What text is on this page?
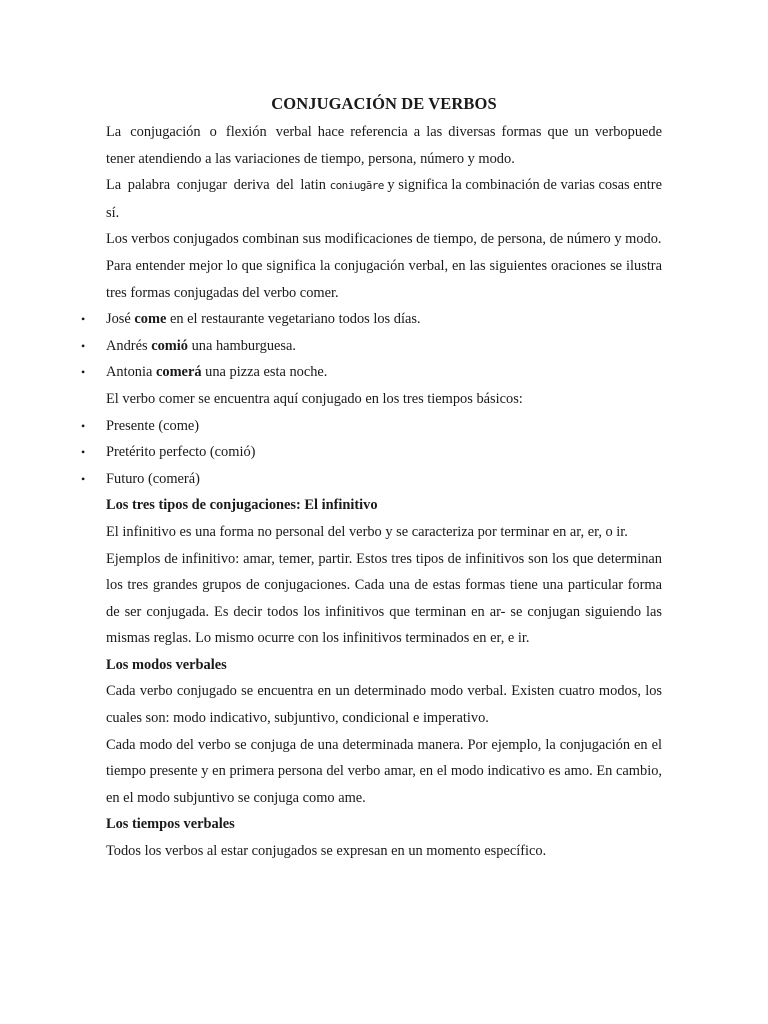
CONJUGACIÓN DE VERBOS

La conjugación o flexión verbal hace referencia a las diversas formas que un verbopuede tener atendiendo a las variaciones de tiempo, persona, número y modo.

La palabra conjugar deriva del latin coniugāre y significa la combinación de varias cosas entre sí.

Los verbos conjugados combinan sus modificaciones de tiempo, de persona, de número y modo.

Para entender mejor lo que significa la conjugación verbal, en las siguientes oraciones se ilustra tres formas conjugadas del verbo comer.

• José come en el restaurante vegetariano todos los días.
• Andrés comió una hamburguesa.
• Antonia comerá una pizza esta noche.

El verbo comer se encuentra aquí conjugado en los tres tiempos básicos:

• Presente (come)
• Pretérito perfecto (comió)
• Futuro (comerá)
Los tres tipos de conjugaciones: El infinitivo

El infinitivo es una forma no personal del verbo y se caracteriza por terminar en ar, er, o ir.

Ejemplos de infinitivo: amar, temer, partir. Estos tres tipos de infinitivos son los que determinan los tres grandes grupos de conjugaciones. Cada una de estas formas tiene una particular forma de ser conjugada. Es decir todos los infinitivos que terminan en ar- se conjugan siguiendo las mismas reglas. Lo mismo ocurre con los infinitivos terminados en er, e ir.

Los modos verbales

Cada verbo conjugado se encuentra en un determinado modo verbal. Existen cuatro modos, los cuales son: modo indicativo, subjuntivo, condicional e imperativo.

Cada modo del verbo se conjuga de una determinada manera. Por ejemplo, la conjugación en el tiempo presente y en primera persona del verbo amar, en el modo indicativo es amo. En cambio, en el modo subjuntivo se conjuga como ame.

Los tiempos verbales

Todos los verbos al estar conjugados se expresan en un momento específico.
